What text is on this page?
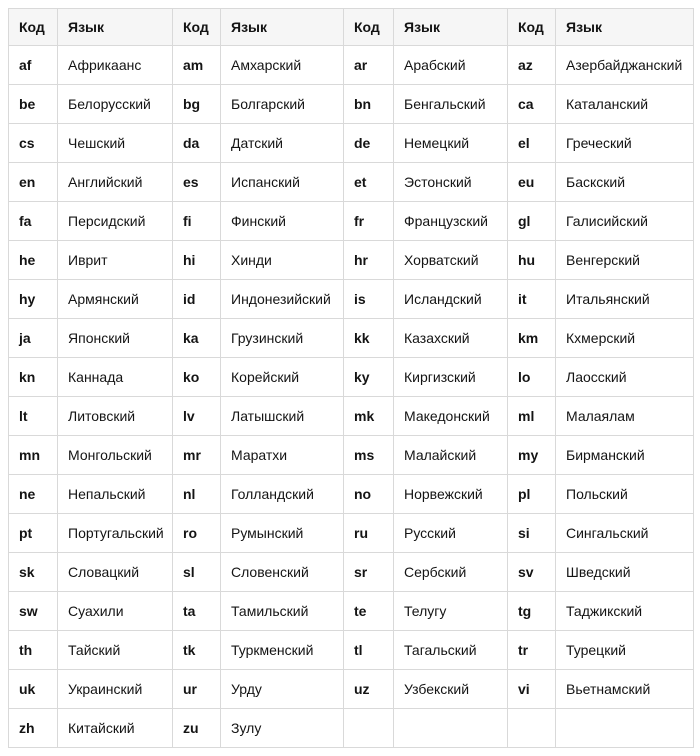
Код	Язык	Код	Язык	Код	Язык	Код	Язык
af	Африкаанс	am	Амхарский	ar	Арабский	az	Азербайджанский
be	Белорусский	bg	Болгарский	bn	Бенгальский	ca	Каталанский
cs	Чешский	da	Датский	de	Немецкий	el	Греческий
en	Английский	es	Испанский	et	Эстонский	eu	Баскский
fa	Персидский	fi	Финский	fr	Французский	gl	Галисийский
he	Иврит	hi	Хинди	hr	Хорватский	hu	Венгерский
hy	Армянский	id	Индонезийский	is	Исландский	it	Итальянский
ja	Японский	ka	Грузинский	kk	Казахский	km	Кхмерский
kn	Каннада	ko	Корейский	ky	Киргизский	lo	Лаосский
lt	Литовский	lv	Латышский	mk	Македонский	ml	Малаялам
mn	Монгольский	mr	Маратхи	ms	Малайский	my	Бирманский
ne	Непальский	nl	Голландский	no	Норвежский	pl	Польский
pt	Португальский	ro	Румынский	ru	Русский	si	Сингальский
sk	Словацкий	sl	Словенский	sr	Сербский	sv	Шведский
sw	Суахили	ta	Тамильский	te	Телугу	tg	Таджикский
th	Тайский	tk	Туркменский	tl	Тагальский	tr	Турецкий
uk	Украинский	ur	Урду	uz	Узбекский	vi	Вьетнамский
zh	Китайский	zu	Зулу				
